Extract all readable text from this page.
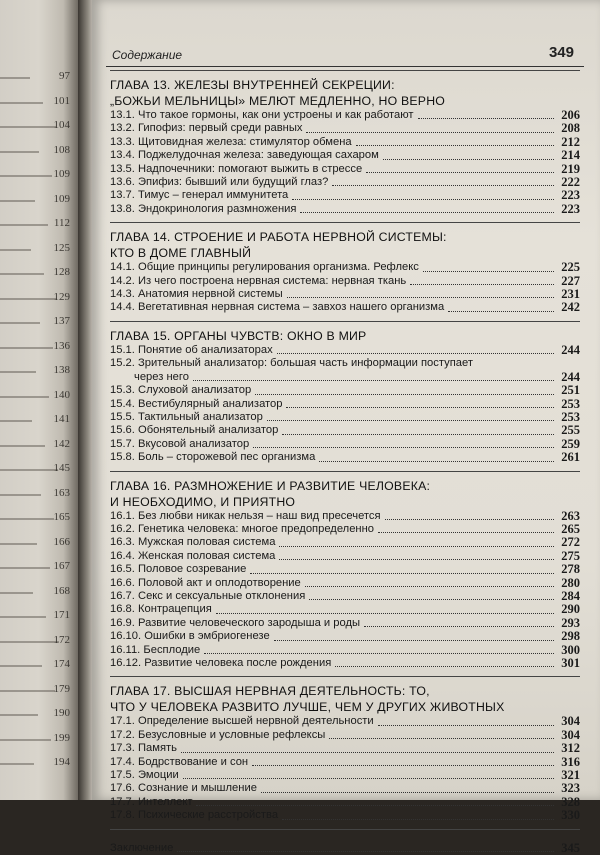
97
101
104
108
109
109
112
125
128
129
137
136
138
140
141
142
145
163
165
166
167
168
171
172
174
179
190
199
194
Содержание	349
ГЛАВА 13. ЖЕЛЕЗЫ ВНУТРЕННЕЙ СЕКРЕЦИИ:
„БОЖЬИ МЕЛЬНИЦЫ» МЕЛЮТ МЕДЛЕННО, НО ВЕРНО
13.1. Что такое гормоны, как они устроены и как работают	206
13.2. Гипофиз: первый среди равных	208
13.3. Щитовидная железа: стимулятор обмена	212
13.4. Поджелудочная железа: заведующая сахаром	214
13.5. Надпочечники: помогают выжить в стрессе	219
13.6. Эпифиз: бывший или будущий глаз?	222
13.7. Тимус – генерал иммунитета	223
13.8. Эндокринология размножения	223
ГЛАВА 14. СТРОЕНИЕ И РАБОТА НЕРВНОЙ СИСТЕМЫ:
КТО В ДОМЕ ГЛАВНЫЙ
14.1. Общие принципы регулирования организма. Рефлекс	225
14.2. Из чего построена нервная система: нервная ткань	227
14.3. Анатомия нервной системы	231
14.4. Вегетативная нервная система – завхоз нашего организма	242
ГЛАВА 15. ОРГАНЫ ЧУВСТВ: ОКНО В МИР
15.1. Понятие об анализаторах	244
15.2. Зрительный анализатор: большая часть информации поступает
через него	244
15.3. Слуховой анализатор	251
15.4. Вестибулярный анализатор	253
15.5. Тактильный анализатор	253
15.6. Обонятельный анализатор	255
15.7. Вкусовой анализатор	259
15.8. Боль – сторожевой пес организма	261
ГЛАВА 16. РАЗМНОЖЕНИЕ И РАЗВИТИЕ ЧЕЛОВЕКА:
И НЕОБХОДИМО, И ПРИЯТНО
16.1. Без любви никак нельзя – наш вид пресечется	263
16.2. Генетика человека: многое предопределенно	265
16.3. Мужская половая система	272
16.4. Женская половая система	275
16.5. Половое созревание	278
16.6. Половой акт и оплодотворение	280
16.7. Секс и сексуальные отклонения	284
16.8. Контрацепция	290
16.9. Развитие человеческого зародыша и роды	293
16.10. Ошибки в эмбриогенезе	298
16.11. Бесплодие	300
16.12. Развитие человека после рождения	301
ГЛАВА 17. ВЫСШАЯ НЕРВНАЯ ДЕЯТЕЛЬНОСТЬ: ТО,
ЧТО У ЧЕЛОВЕКА РАЗВИТО ЛУЧШЕ, ЧЕМ У ДРУГИХ ЖИВОТНЫХ
17.1. Определение высшей нервной деятельности	304
17.2. Безусловные и условные рефлексы	304
17.3. Память	312
17.4. Бодрствование и сон	316
17.5. Эмоции	321
17.6. Сознание и мышление	323
17.7. Интеллект	328
17.8. Психические расстройства	330
Заключение	345
